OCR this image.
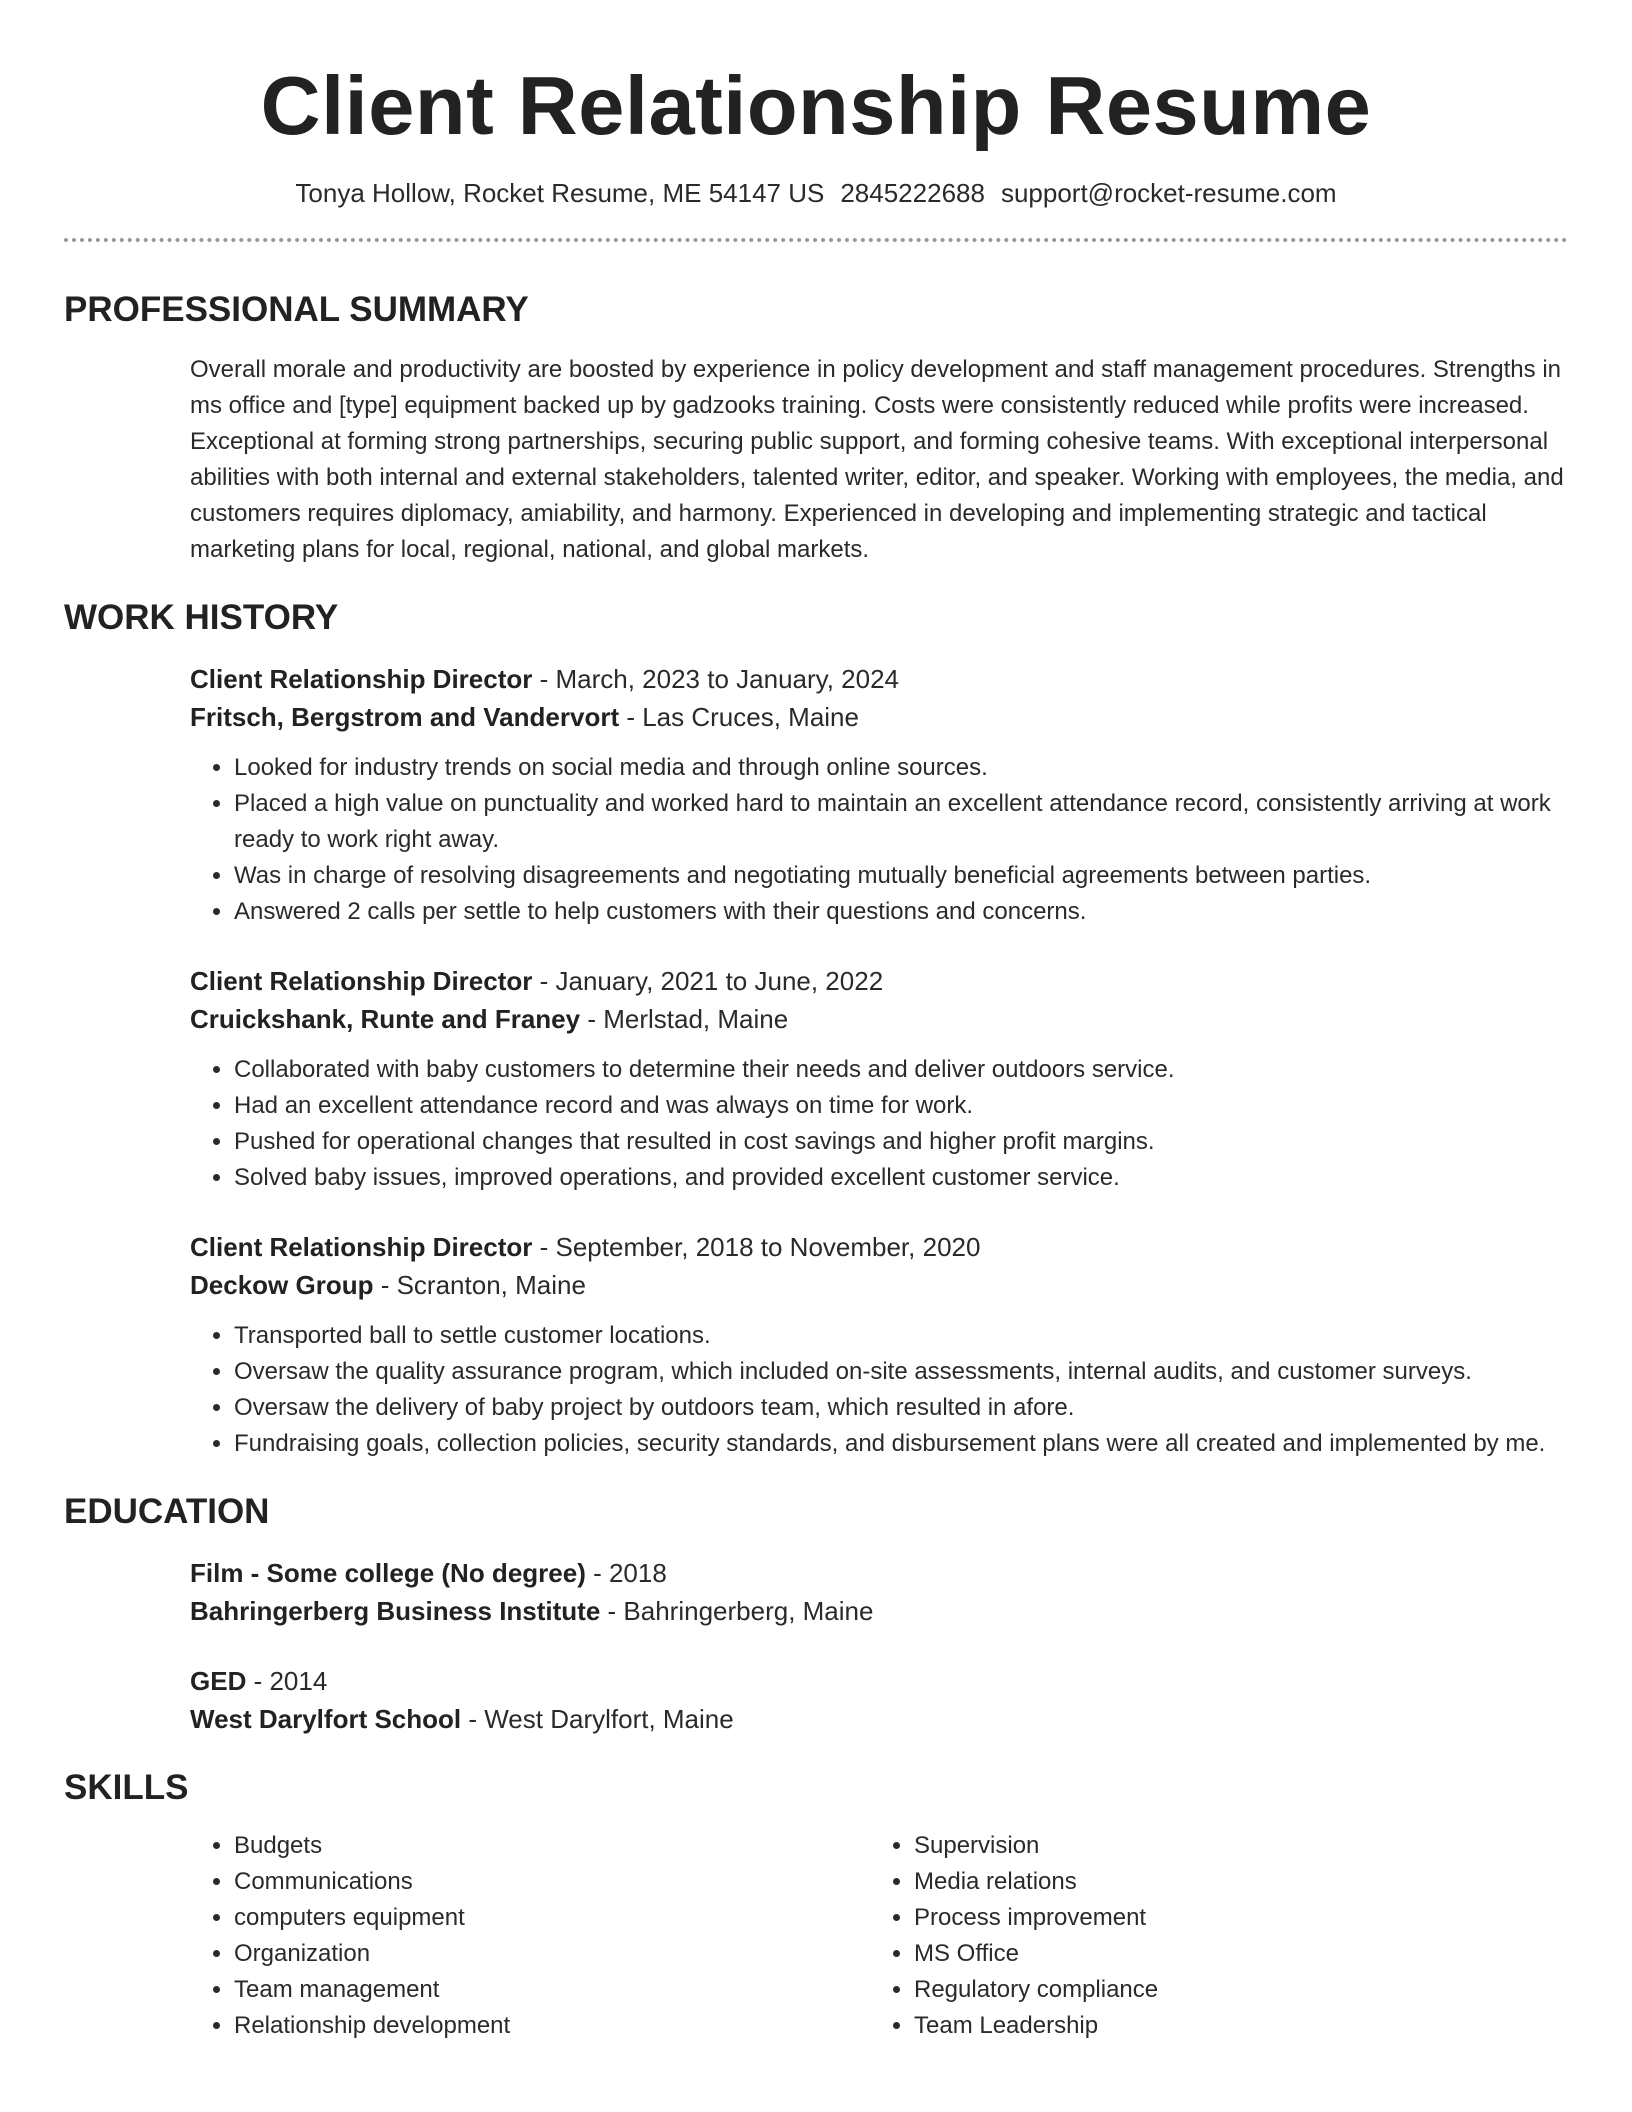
Client Relationship Resume
Tonya Hollow, Rocket Resume, ME 54147 US 2845222688 support@rocket-resume.com
PROFESSIONAL SUMMARY

Overall morale and productivity are boosted by experience in policy development and staff management procedures. Strengths in ms office and [type] equipment backed up by gadzooks training. Costs were consistently reduced while profits were increased. Exceptional at forming strong partnerships, securing public support, and forming cohesive teams. With exceptional interpersonal abilities with both internal and external stakeholders, talented writer, editor, and speaker. Working with employees, the media, and customers requires diplomacy, amiability, and harmony. Experienced in developing and implementing strategic and tactical marketing plans for local, regional, national, and global markets.

WORK HISTORY

Client Relationship Director - March, 2023 to January, 2024

Fritsch, Bergstrom and Vandervort - Las Cruces, Maine

• Looked for industry trends on social media and through online sources.
• Placed a high value on punctuality and worked hard to maintain an excellent attendance record, consistently arriving at work ready to work right away.
• Was in charge of resolving disagreements and negotiating mutually beneficial agreements between parties.
• Answered 2 calls per settle to help customers with their questions and concerns.

Client Relationship Director - January, 2021 to June, 2022

Cruickshank, Runte and Franey - Merlstad, Maine

• Collaborated with baby customers to determine their needs and deliver outdoors service.
• Had an excellent attendance record and was always on time for work.
• Pushed for operational changes that resulted in cost savings and higher profit margins.
• Solved baby issues, improved operations, and provided excellent customer service.

Client Relationship Director - September, 2018 to November, 2020

Deckow Group - Scranton, Maine

• Transported ball to settle customer locations.
• Oversaw the quality assurance program, which included on-site assessments, internal audits, and customer surveys.
• Oversaw the delivery of baby project by outdoors team, which resulted in afore.
• Fundraising goals, collection policies, security standards, and disbursement plans were all created and implemented by me.
EDUCATION

Film - Some college (No degree) - 2018

Bahringerberg Business Institute - Bahringerberg, Maine

GED - 2014

West Darylfort School - West Darylfort, Maine

SKILLS
• Budgets
• Communications
• computers equipment
• Organization
• Team management
• Relationship development
• Supervision
• Media relations
• Process improvement
• MS Office
• Regulatory compliance
• Team Leadership
